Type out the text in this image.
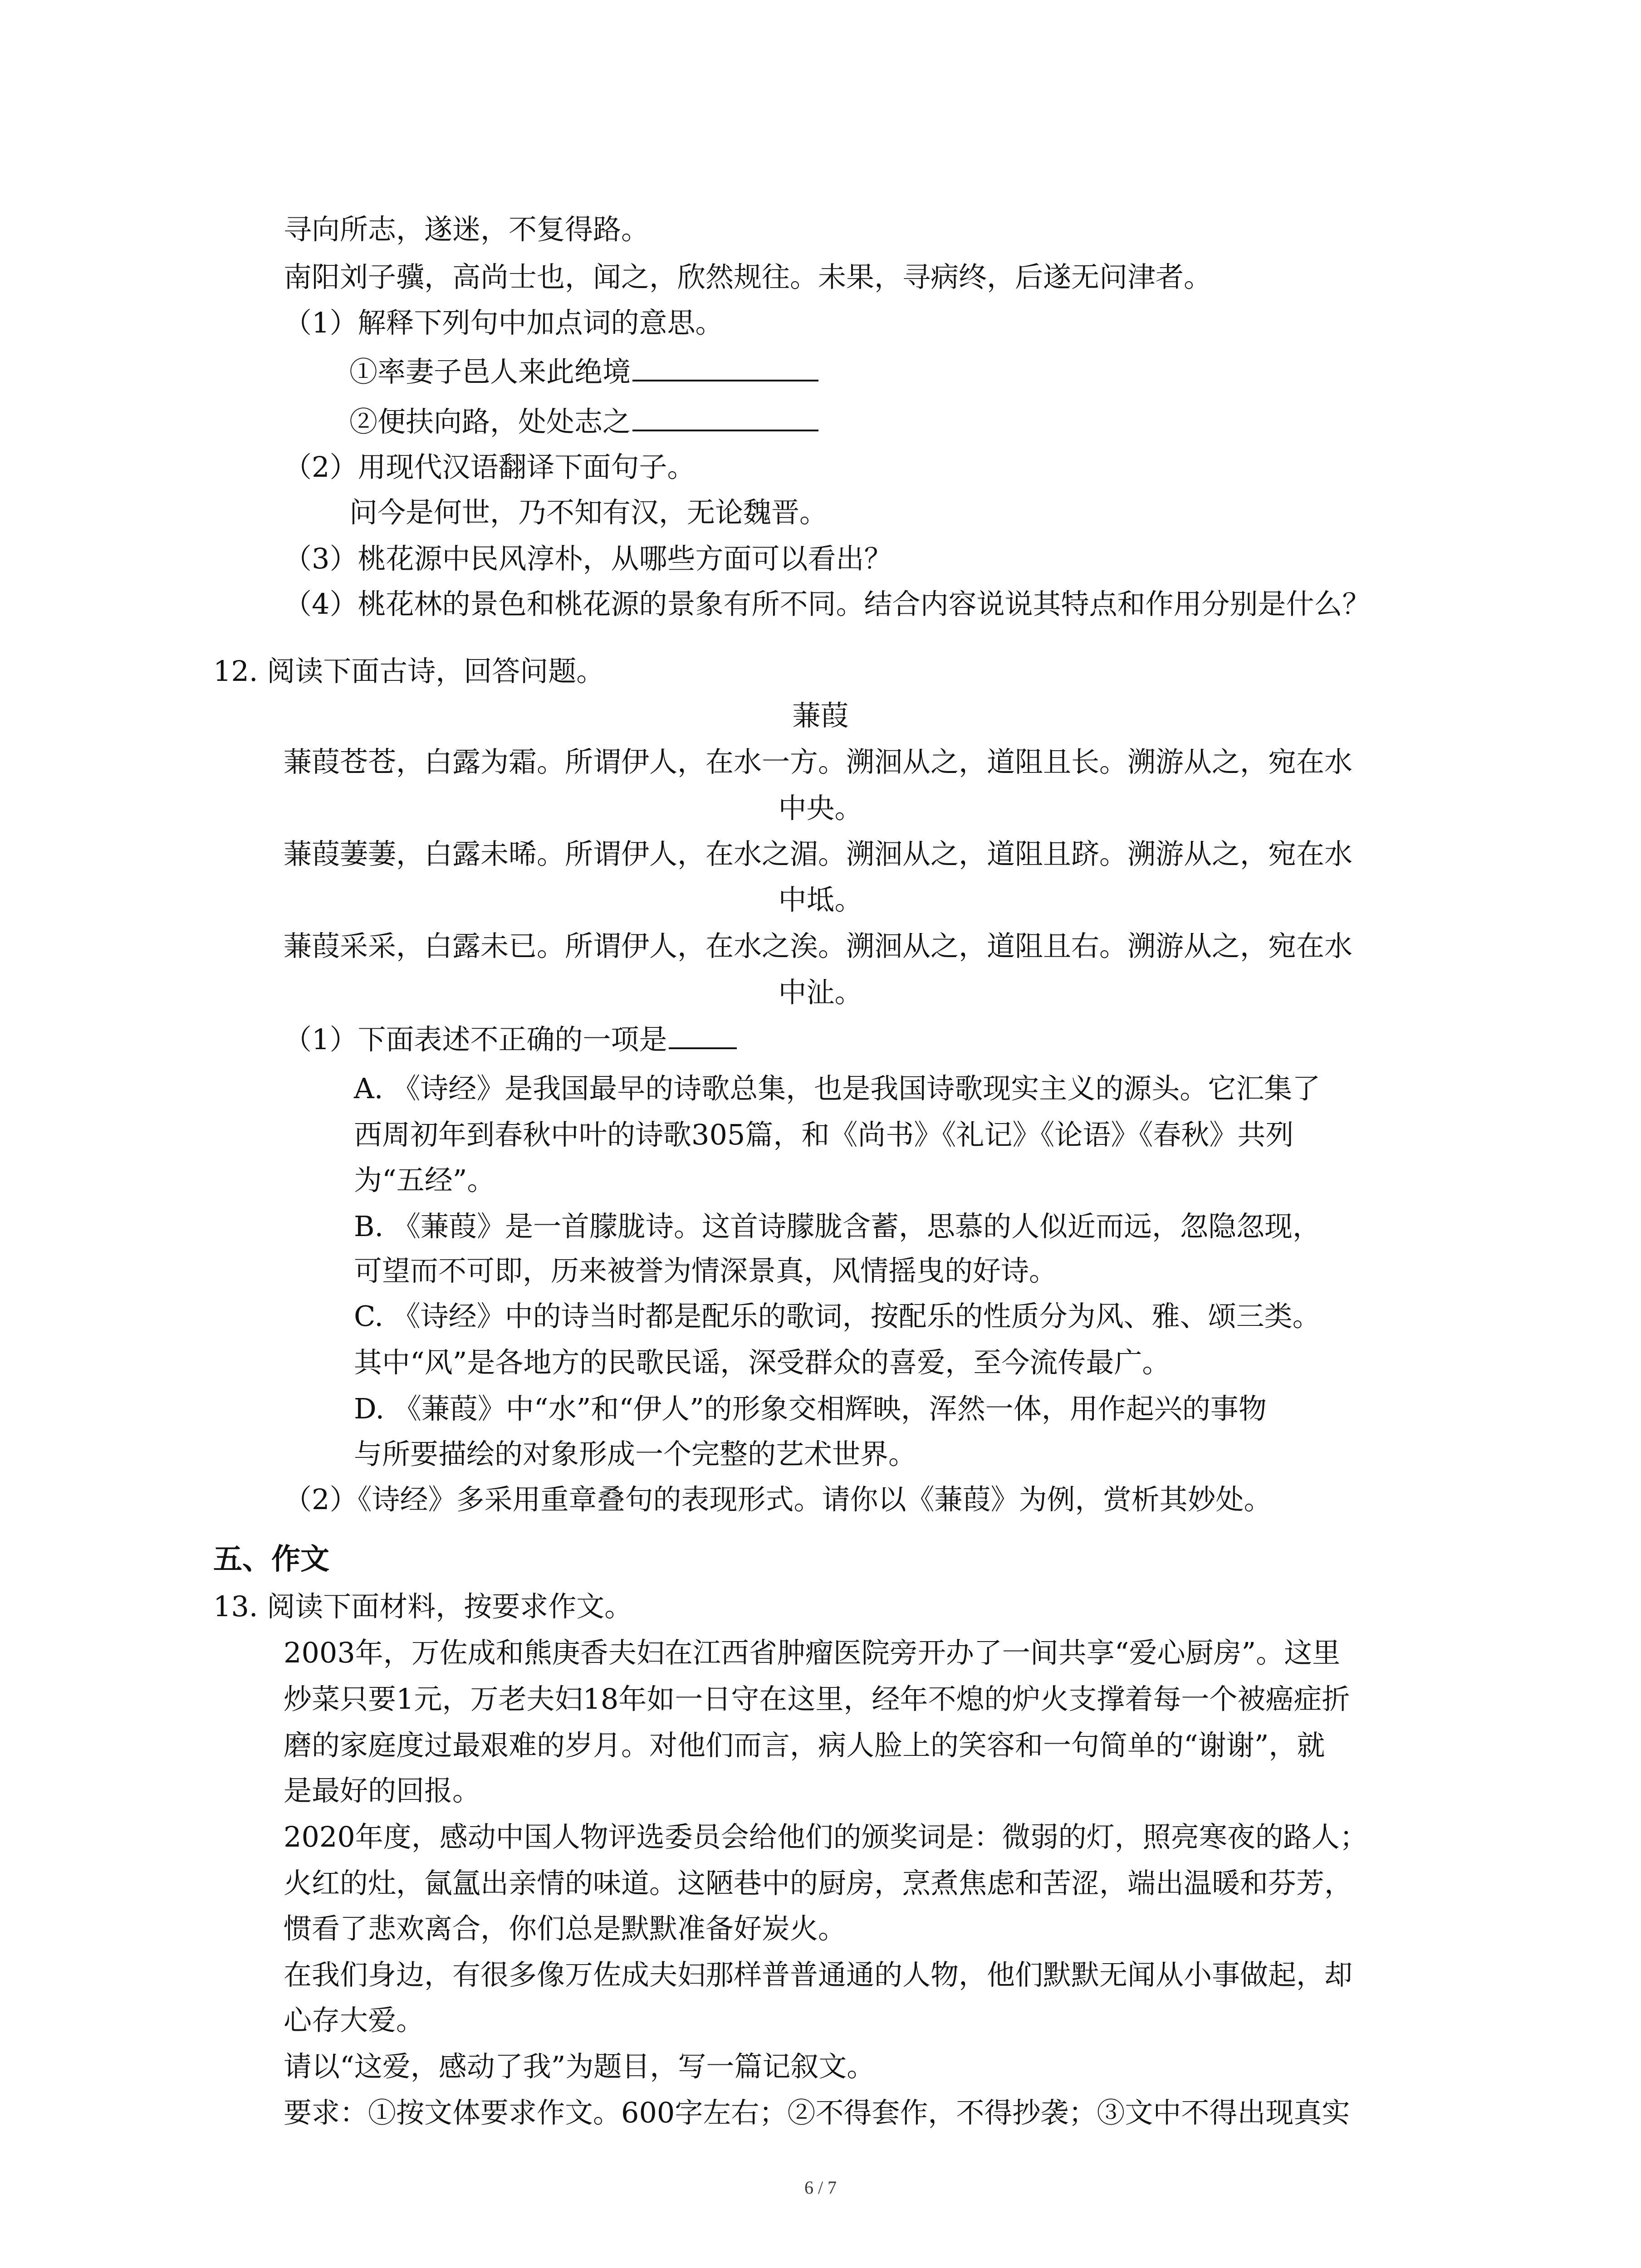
寻向所志，遂迷，不复得路。
南阳刘子骥，高尚士也，闻之，欣然规往。未果，寻病终，后遂无问津者。
（1）解释下列句中加点词的意思。
①率妻子邑人来此绝境
②便扶向路，处处志之
（2）用现代汉语翻译下面句子。
问今是何世，乃不知有汉，无论魏晋。
（3）桃花源中民风淳朴，从哪些方面可以看出？
（4）桃花林的景色和桃花源的景象有所不同。结合内容说说其特点和作用分别是什么？
12. 阅读下面古诗，回答问题。
蒹葭
蒹葭苍苍，白露为霜。所谓伊人，在水一方。溯洄从之，道阻且长。溯游从之，宛在水
中央。
蒹葭萋萋，白露未晞。所谓伊人，在水之湄。溯洄从之，道阻且跻。溯游从之，宛在水
中坻。
蒹葭采采，白露未已。所谓伊人，在水之涘。溯洄从之，道阻且右。溯游从之，宛在水
中沚。
（1）下面表述不正确的一项是
A. 《诗经》是我国最早的诗歌总集，也是我国诗歌现实主义的源头。它汇集了
西周初年到春秋中叶的诗歌305篇，和《尚书》《礼记》《论语》《春秋》共列
为“五经”。
B. 《蒹葭》是一首朦胧诗。这首诗朦胧含蓄，思慕的人似近而远，忽隐忽现，
可望而不可即，历来被誉为情深景真，风情摇曳的好诗。
C. 《诗经》中的诗当时都是配乐的歌词，按配乐的性质分为风、雅、颂三类。
其中“风”是各地方的民歌民谣，深受群众的喜爱，至今流传最广。
D. 《蒹葭》中“水”和“伊人”的形象交相辉映，浑然一体，用作起兴的事物
与所要描绘的对象形成一个完整的艺术世界。
（2）《诗经》多采用重章叠句的表现形式。请你以《蒹葭》为例，赏析其妙处。
五、作文
13. 阅读下面材料，按要求作文。
2003年，万佐成和熊庚香夫妇在江西省肿瘤医院旁开办了一间共享“爱心厨房”。这里
炒菜只要1元，万老夫妇18年如一日守在这里，经年不熄的炉火支撑着每一个被癌症折
磨的家庭度过最艰难的岁月。对他们而言，病人脸上的笑容和一句简单的“谢谢”，就
是最好的回报。
2020年度，感动中国人物评选委员会给他们的颁奖词是：微弱的灯，照亮寒夜的路人；
火红的灶，氤氲出亲情的味道。这陋巷中的厨房，烹煮焦虑和苦涩，端出温暖和芬芳，
惯看了悲欢离合，你们总是默默准备好炭火。
在我们身边，有很多像万佐成夫妇那样普普通通的人物，他们默默无闻从小事做起，却
心存大爱。
请以“这爱，感动了我”为题目，写一篇记叙文。
要求：①按文体要求作文。600字左右；②不得套作，不得抄袭；③文中不得出现真实
6 / 7
